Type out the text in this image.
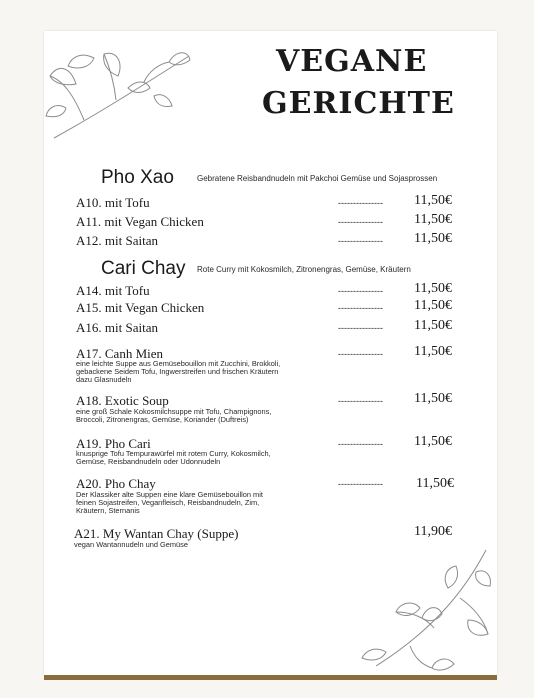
VEGANE
GERICHTE
Pho Xao	Gebratene Reisbandnudeln mit Pakchoi Gemüse und Sojasprossen
A10. mit Tofu	--------------- 11,50€
A11. mit Vegan Chicken	--------------- 11,50€
A12. mit Saitan	--------------- 11,50€
Cari Chay Rote Curry mit Kokosmilch, Zitronengras, Gemüse, Kräutern
A14. mit Tofu	--------------- 11,50€
A15. mit Vegan Chicken	--------------- 11,50€
A16. mit Saitan	--------------- 11,50€
A17. Canh Mien	--------------- 11,50€
eine leichte Suppe aus Gemüsebouillon mit Zucchini, Brokkoli,
gebackene Seidem Tofu, Ingwerstreifen und frischen Kräutern
dazu Glasnudeln
A18. Exotic Soup	--------------- 11,50€
eine groß Schale Kokosmilchsuppe mit Tofu, Champignons,
Broccoli, Zitronengras, Gemüse, Koriander (Duftreis)
A19. Pho Cari	--------------- 11,50€
knusprige Tofu Tempurawürfel mit rotem Curry, Kokosmilch,
Gemüse, Reisbandnudeln oder Udonnudeln
A20. Pho Chay	--------------- 11,50€
Der Klassiker alte Suppen eine klare Gemüsebouillon mit
feinen Sojastreifen, Veganfleisch, Reisbandnudeln, Zim,
Kräutern, Sternanis
A21. My Wantan Chay (Suppe)	11,90€
vegan Wantannudeln und Gemüse
